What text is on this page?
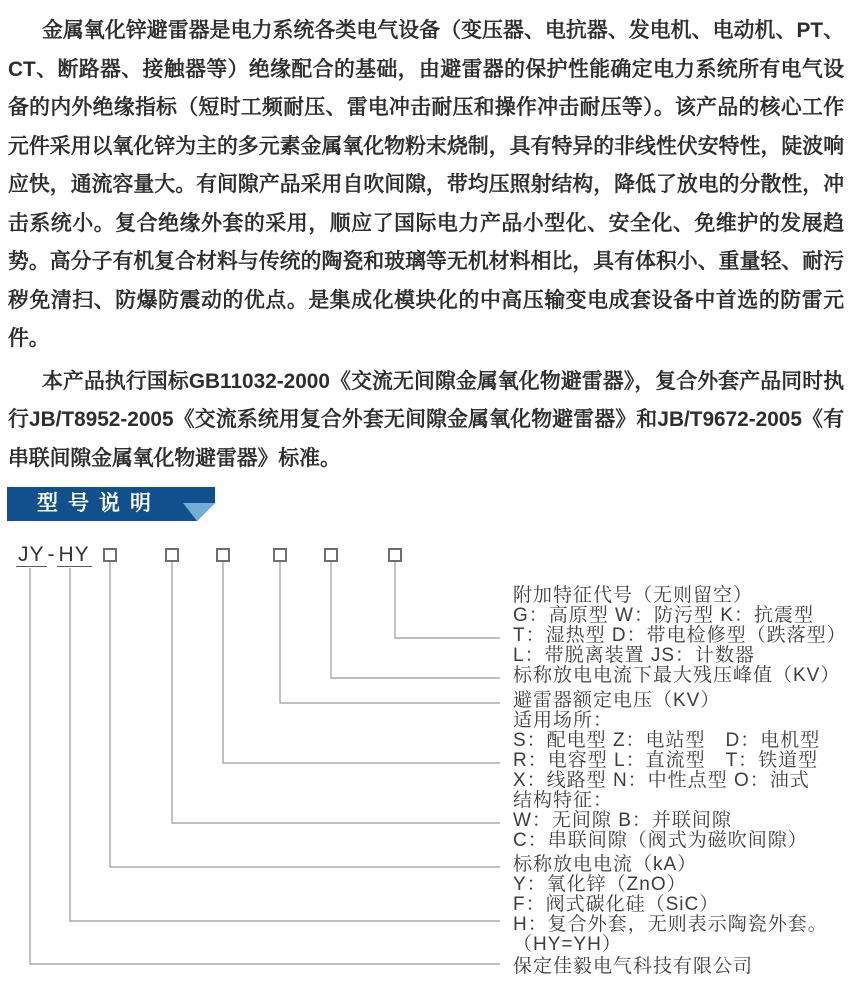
金属氧化锌避雷器是电力系统各类电气设备（变压器、电抗器、发电机、电动机、PT、CT、断路器、接触器等）绝缘配合的基础，由避雷器的保护性能确定电力系统所有电气设备的内外绝缘指标（短时工频耐压、雷电冲击耐压和操作冲击耐压等）。该产品的核心工作元件采用以氧化锌为主的多元素金属氧化物粉末烧制，具有特异的非线性伏安特性，陡波响应快，通流容量大。有间隙产品采用自吹间隙，带均压照射结构，降低了放电的分散性，冲击系统小。复合绝缘外套的采用，顺应了国际电力产品小型化、安全化、免维护的发展趋势。高分子有机复合材料与传统的陶瓷和玻璃等无机材料相比，具有体积小、重量轻、耐污秽免清扫、防爆防震动的优点。是集成化模块化的中高压输变电成套设备中首选的防雷元件。

本产品执行国标GB11032-2000《交流无间隙金属氧化物避雷器》，复合外套产品同时执行JB/T8952-2005《交流系统用复合外套无间隙金属氧化物避雷器》和JB/T9672-2005《有串联间隙金属氧化物避雷器》标准。

型号说明
JY - HY
附加特征代号（无则留空）
G：高原型 W：防污型 K：抗震型
T：湿热型 D：带电检修型（跌落型）
L：带脱离装置 JS：计数器
标称放电电流下最大残压峰值（KV）
避雷器额定电压（KV）
适用场所：
S：配电型 Z：电站型　D：电机型
R：电容型 L：直流型　T：铁道型
X：线路型 N：中性点型 O：油式
结构特征：
W：无间隙 B：并联间隙
C：串联间隙（阀式为磁吹间隙）
标称放电电流（kA）
Y：氧化锌（ZnO）
F：阀式碳化硅（SiC）
H：复合外套，无则表示陶瓷外套。
（HY=YH）
保定佳毅电气科技有限公司
